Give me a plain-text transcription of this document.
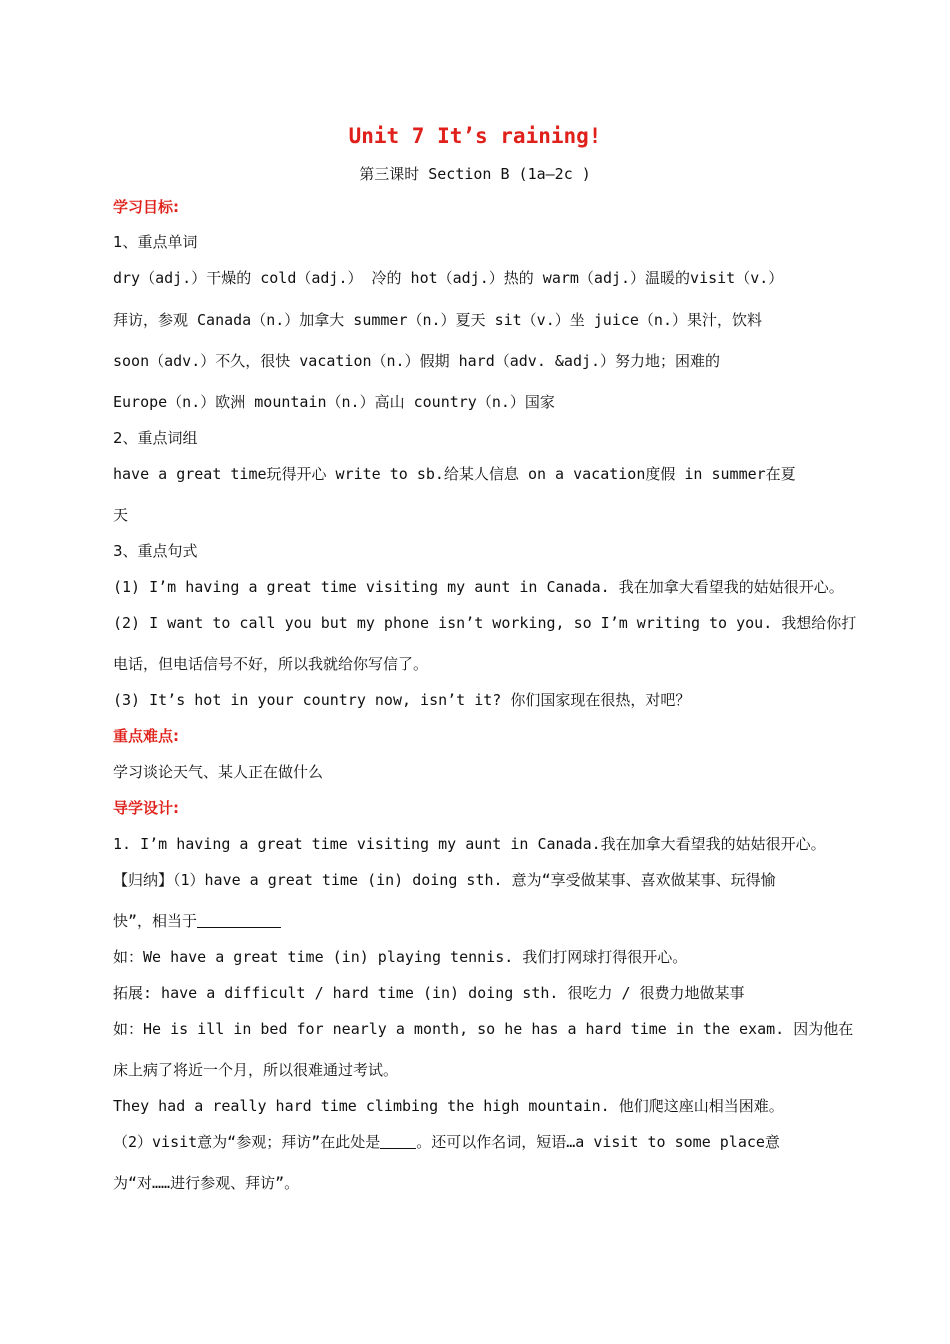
Unit 7 It’s raining!
第三课时 Section B (1a—2c )
学习目标:
1、重点单词
dry（adj.）干燥的 cold（adj.） 冷的 hot（adj.）热的 warm（adj.）温暖的visit（v.）
拜访，参观 Canada（n.）加拿大 summer（n.）夏天 sit（v.）坐 juice（n.）果汁，饮料
soon（adv.）不久，很快 vacation（n.）假期 hard（adv. &adj.）努力地；困难的
Europe（n.）欧洲 mountain（n.）高山 country（n.）国家
2、重点词组
have a great time玩得开心 write to sb.给某人信息 on a vacation度假 in summer在夏
天
3、重点句式
(1) I’m having a great time visiting my aunt in Canada. 我在加拿大看望我的姑姑很开心。
(2) I want to call you but my phone isn’t working, so I’m writing to you. 我想给你打
电话，但电话信号不好，所以我就给你写信了。
(3) It’s hot in your country now, isn’t it? 你们国家现在很热，对吧？
重点难点:
学习谈论天气、某人正在做什么
导学设计:
1. I’m having a great time visiting my aunt in Canada.我在加拿大看望我的姑姑很开心。
【归纳】（1）have a great time (in) doing sth. 意为“享受做某事、喜欢做某事、玩得愉
快”，相当于
如：We have a great time (in) playing tennis. 我们打网球打得很开心。
拓展: have a difficult / hard time (in) doing sth. 很吃力 / 很费力地做某事
如：He is ill in bed for nearly a month, so he has a hard time in the exam. 因为他在
床上病了将近一个月，所以很难通过考试。
They had a really hard time climbing the high mountain. 他们爬这座山相当困难。
（2）visit意为“参观；拜访”在此处是 。还可以作名词，短语…a visit to some place意
为“对……进行参观、拜访”。
